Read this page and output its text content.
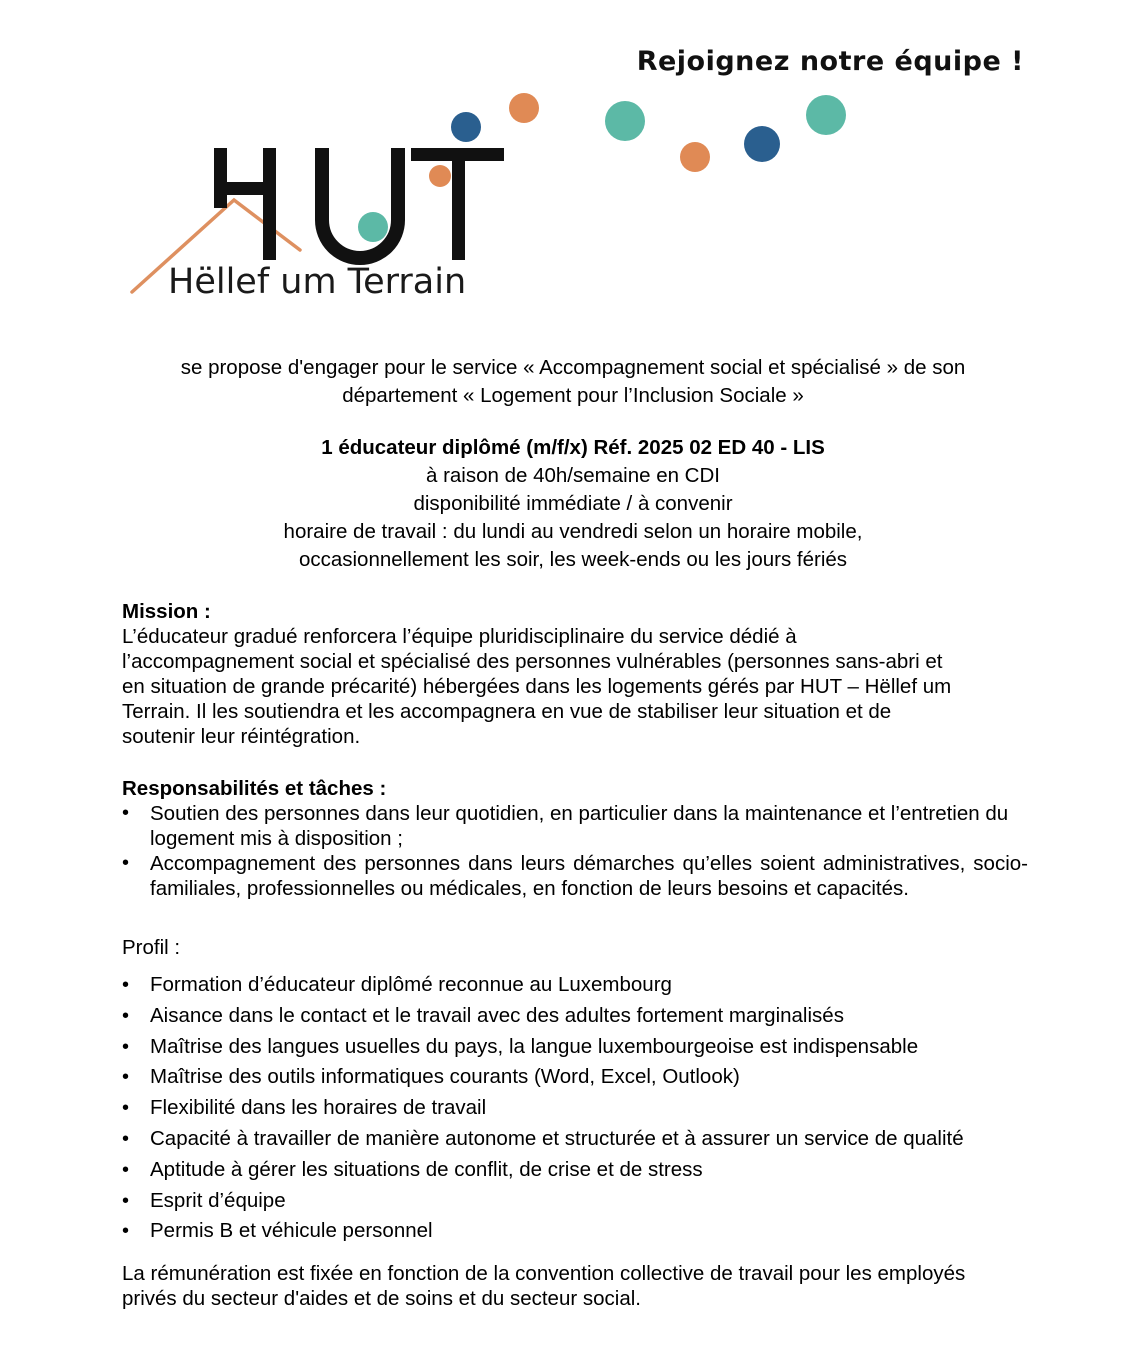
Rejoignez notre équipe !
Hëllef um Terrain
se propose d'engager pour le service « Accompagnement social et spécialisé » de son
département « Logement pour l’Inclusion Sociale »
1 éducateur diplômé (m/f/x) Réf. 2025 02 ED 40 - LIS
à raison de 40h/semaine en CDI
disponibilité immédiate / à convenir
horaire de travail : du lundi au vendredi selon un horaire mobile,
occasionnellement les soir, les week-ends ou les jours fériés
Mission :
L’éducateur gradué renforcera l’équipe pluridisciplinaire du service dédié à
l’accompagnement social et spécialisé des personnes vulnérables (personnes sans-abri et
en situation de grande précarité) hébergées dans les logements gérés par HUT – Hëllef um
Terrain. Il les soutiendra et les accompagnera en vue de stabiliser leur situation et de
soutenir leur réintégration.
Responsabilités et tâches :
• Soutien des personnes dans leur quotidien, en particulier dans la maintenance et l’entretien du logement mis à disposition ;
• Accompagnement des personnes dans leurs démarches qu’elles soient administratives, socio-familiales, professionnelles ou médicales, en fonction de leurs besoins et capacités.
Profil :
• Formation d’éducateur diplômé reconnue au Luxembourg
• Aisance dans le contact et le travail avec des adultes fortement marginalisés
• Maîtrise des langues usuelles du pays, la langue luxembourgeoise est indispensable
• Maîtrise des outils informatiques courants (Word, Excel, Outlook)
• Flexibilité dans les horaires de travail
• Capacité à travailler de manière autonome et structurée et à assurer un service de qualité
• Aptitude à gérer les situations de conflit, de crise et de stress
• Esprit d’équipe
• Permis B et véhicule personnel
La rémunération est fixée en fonction de la convention collective de travail pour les employés
privés du secteur d'aides et de soins et du secteur social.
